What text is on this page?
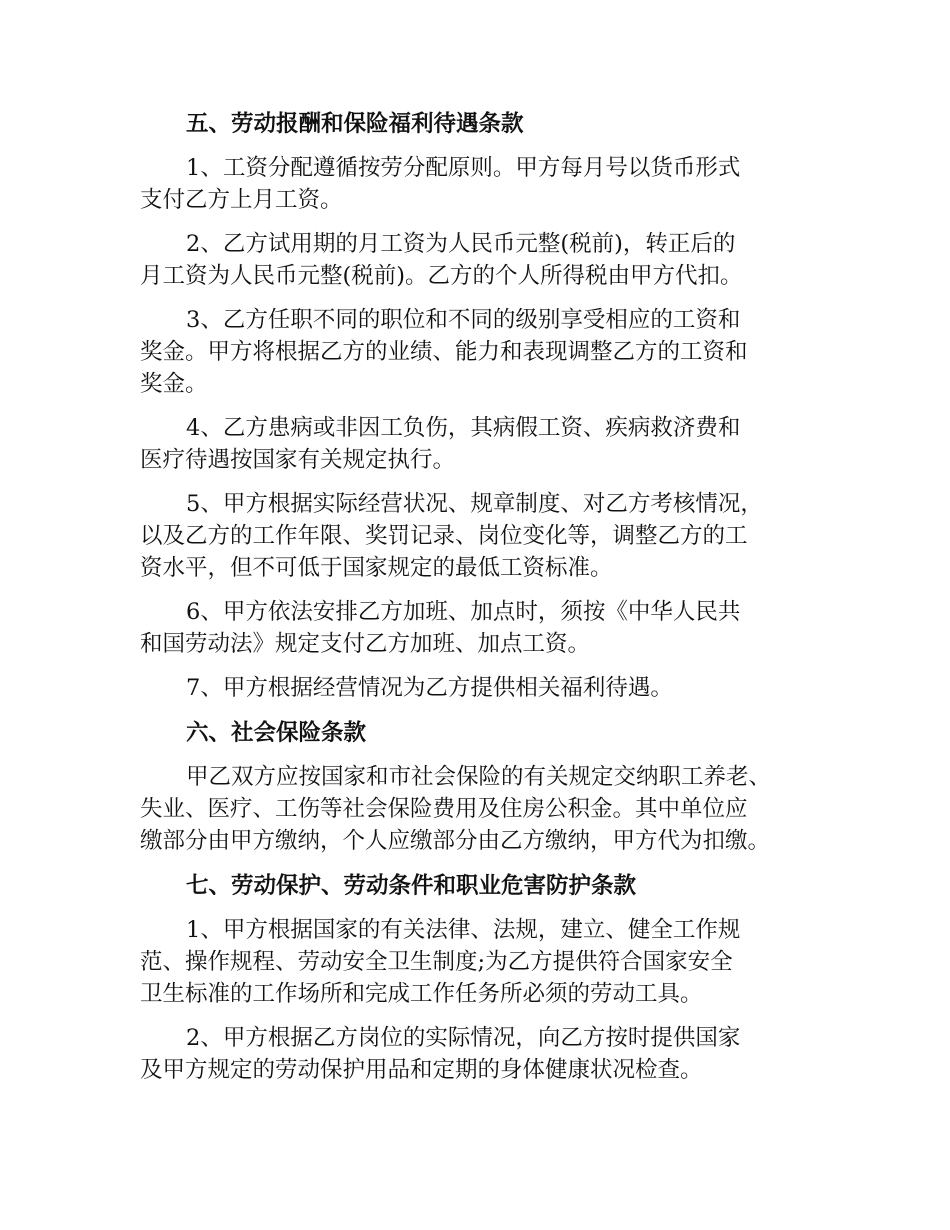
五、劳动报酬和保险福利待遇条款
1、工资分配遵循按劳分配原则。甲方每月号以货币形式
支付乙方上月工资。
2、乙方试用期的月工资为人民币元整(税前)，转正后的
月工资为人民币元整(税前)。乙方的个人所得税由甲方代扣。
3、乙方任职不同的职位和不同的级别享受相应的工资和
奖金。甲方将根据乙方的业绩、能力和表现调整乙方的工资和
奖金。
4、乙方患病或非因工负伤，其病假工资、疾病救济费和
医疗待遇按国家有关规定执行。
5、甲方根据实际经营状况、规章制度、对乙方考核情况，
以及乙方的工作年限、奖罚记录、岗位变化等，调整乙方的工
资水平，但不可低于国家规定的最低工资标准。
6、甲方依法安排乙方加班、加点时，须按《中华人民共
和国劳动法》规定支付乙方加班、加点工资。
7、甲方根据经营情况为乙方提供相关福利待遇。
六、社会保险条款
甲乙双方应按国家和市社会保险的有关规定交纳职工养老、
失业、医疗、工伤等社会保险费用及住房公积金。其中单位应
缴部分由甲方缴纳，个人应缴部分由乙方缴纳，甲方代为扣缴。
七、劳动保护、劳动条件和职业危害防护条款
1、甲方根据国家的有关法律、法规，建立、健全工作规
范、操作规程、劳动安全卫生制度;为乙方提供符合国家安全
卫生标准的工作场所和完成工作任务所必须的劳动工具。
2、甲方根据乙方岗位的实际情况，向乙方按时提供国家
及甲方规定的劳动保护用品和定期的身体健康状况检查。
